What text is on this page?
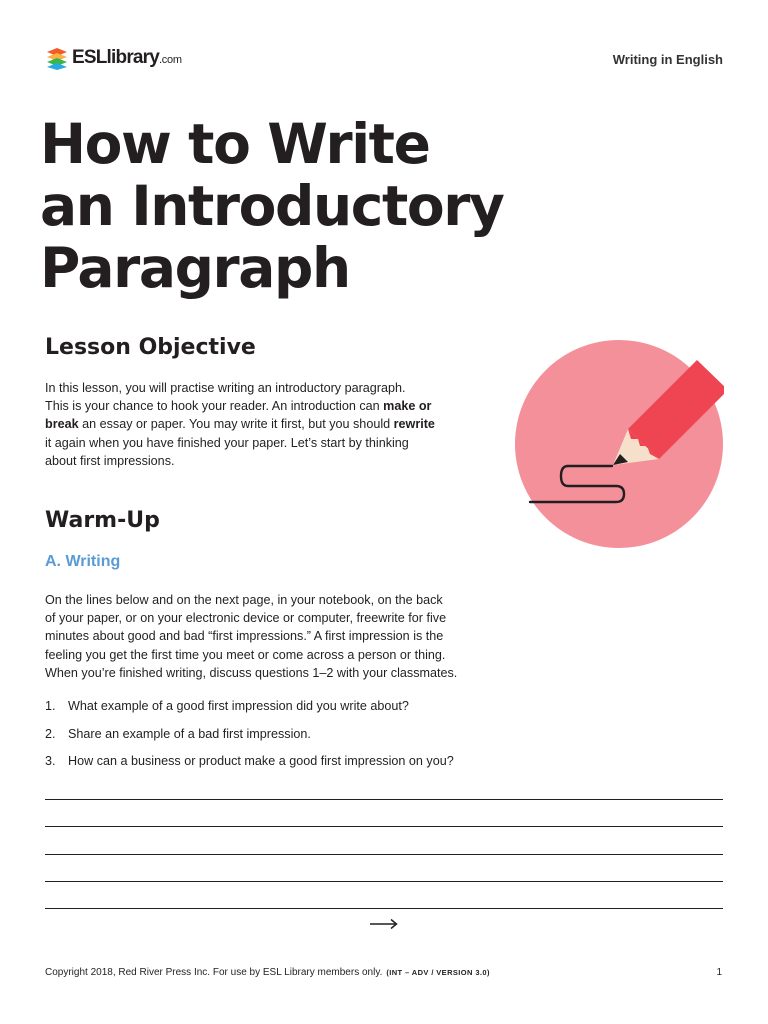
ESLlibrary.com	Writing in English
How to Write
an Introductory
Paragraph
Lesson Objective

In this lesson, you will practise writing an introductory paragraph.
This is your chance to hook your reader. An introduction can make or
break an essay or paper. You may write it first, but you should rewrite
it again when you have finished your paper. Let’s start by thinking
about first impressions.

Warm-Up
A. Writing

On the lines below and on the next page, in your notebook, on the back
of your paper, or on your electronic device or computer, freewrite for five
minutes about good and bad “first impressions.” A first impression is the
feeling you get the first time you meet or come across a person or thing.
When you’re finished writing, discuss questions 1–2 with your classmates.

1. What example of a good first impression did you write about?
2. Share an example of a bad first impression.
3. How can a business or product make a good first impression on you?
Copyright 2018, Red River Press Inc. For use by ESL Library members only. (INT – ADV / VERSION 3.0)	1
